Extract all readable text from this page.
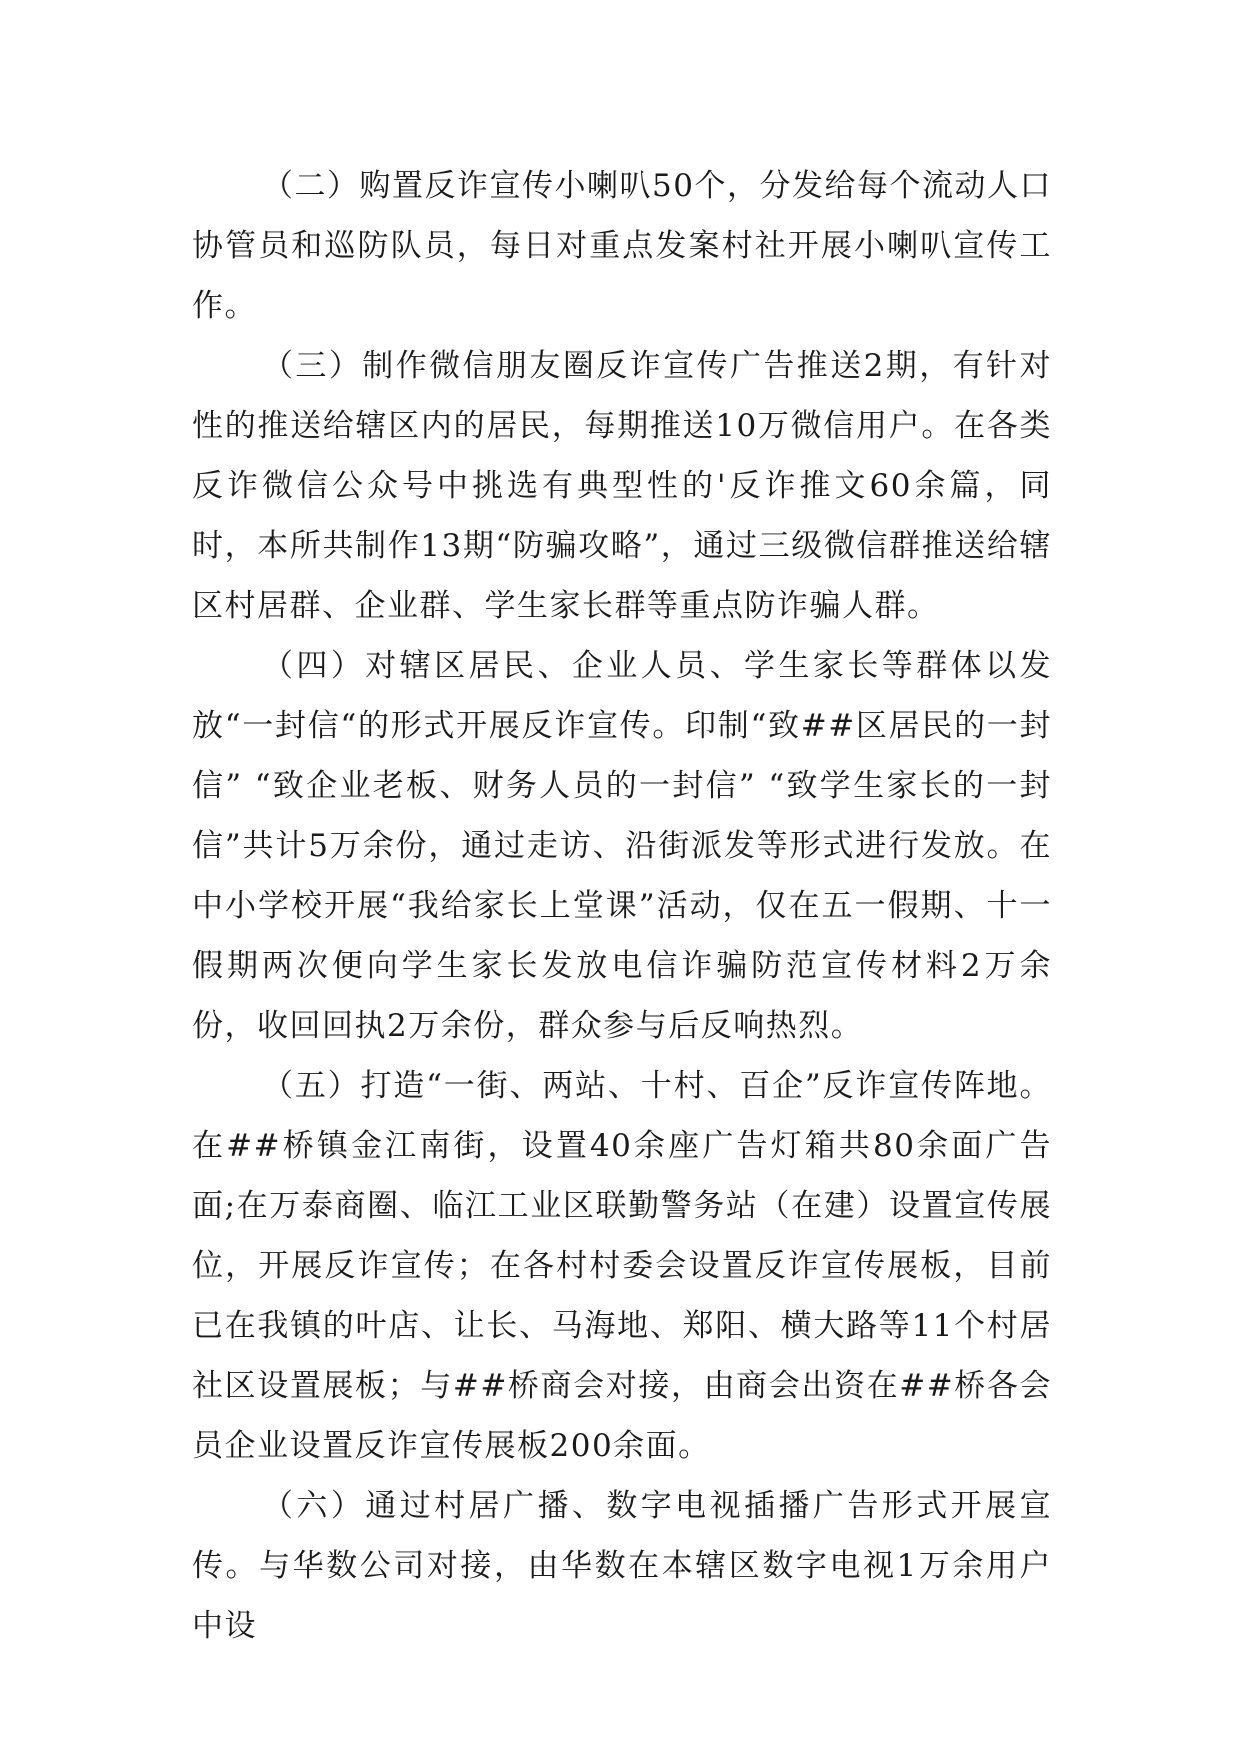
（二）购置反诈宣传小喇叭50个，分发给每个流动人口协管员和巡防队员，每日对重点发案村社开展小喇叭宣传工作。

（三）制作微信朋友圈反诈宣传广告推送2期，有针对性的推送给辖区内的居民，每期推送10万微信用户。在各类反诈微信公众号中挑选有典型性的'反诈推文60余篇，同时，本所共制作13期“防骗攻略”，通过三级微信群推送给辖区村居群、企业群、学生家长群等重点防诈骗人群。

（四）对辖区居民、企业人员、学生家长等群体以发放“一封信“的形式开展反诈宣传。印制“致##区居民的一封信” “致企业老板、财务人员的一封信” “致学生家长的一封信”共计5万余份，通过走访、沿街派发等形式进行发放。在中小学校开展“我给家长上堂课”活动，仅在五一假期、十一假期两次便向学生家长发放电信诈骗防范宣传材料2万余份，收回回执2万余份，群众参与后反响热烈。

（五）打造“一街、两站、十村、百企”反诈宣传阵地。在##桥镇金江南街，设置40余座广告灯箱共80余面广告面;在万泰商圈、临江工业区联勤警务站（在建）设置宣传展位，开展反诈宣传；在各村村委会设置反诈宣传展板，目前已在我镇的叶店、让长、马海地、郑阳、横大路等11个村居社区设置展板；与##桥商会对接，由商会出资在##桥各会员企业设置反诈宣传展板200余面。

（六）通过村居广播、数字电视插播广告形式开展宣传。与华数公司对接，由华数在本辖区数字电视1万余用户中设
